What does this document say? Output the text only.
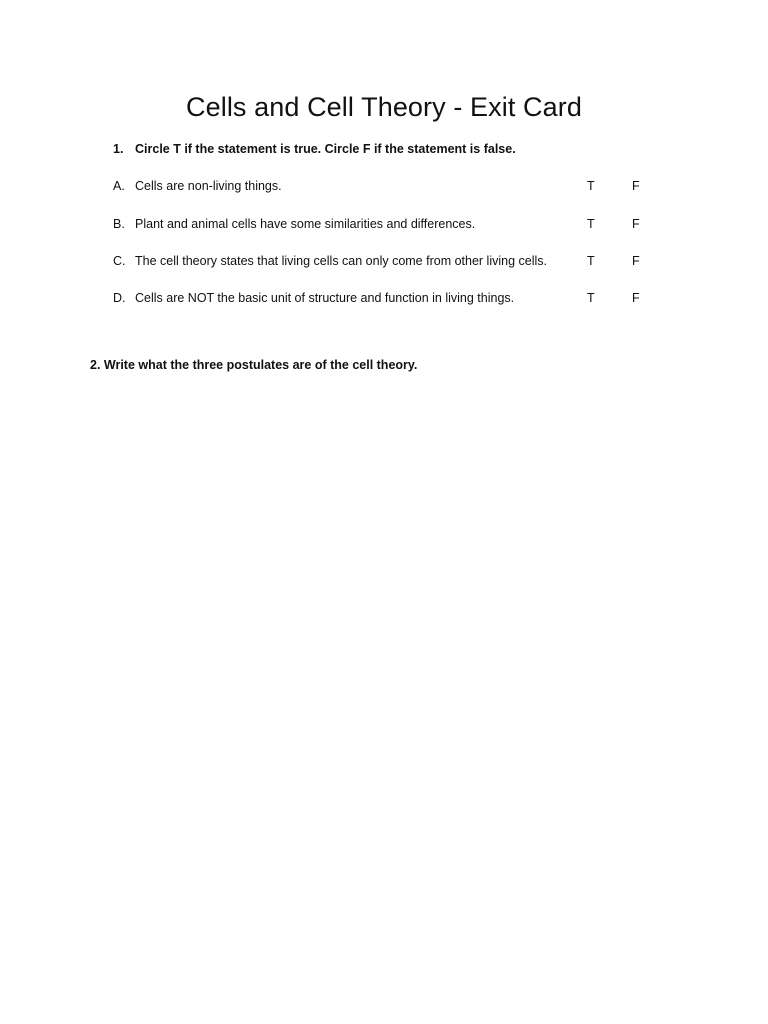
Cells and Cell Theory - Exit Card
1. Circle T if the statement is true. Circle F if the statement is false.
A. Cells are non-living things.	T	F
B. Plant and animal cells have some similarities and differences.	T	F
C. The cell theory states that living cells can only come from other living cells.	T	F
D. Cells are NOT the basic unit of structure and function in living things.	T	F
2. Write what the three postulates are of the cell theory.
